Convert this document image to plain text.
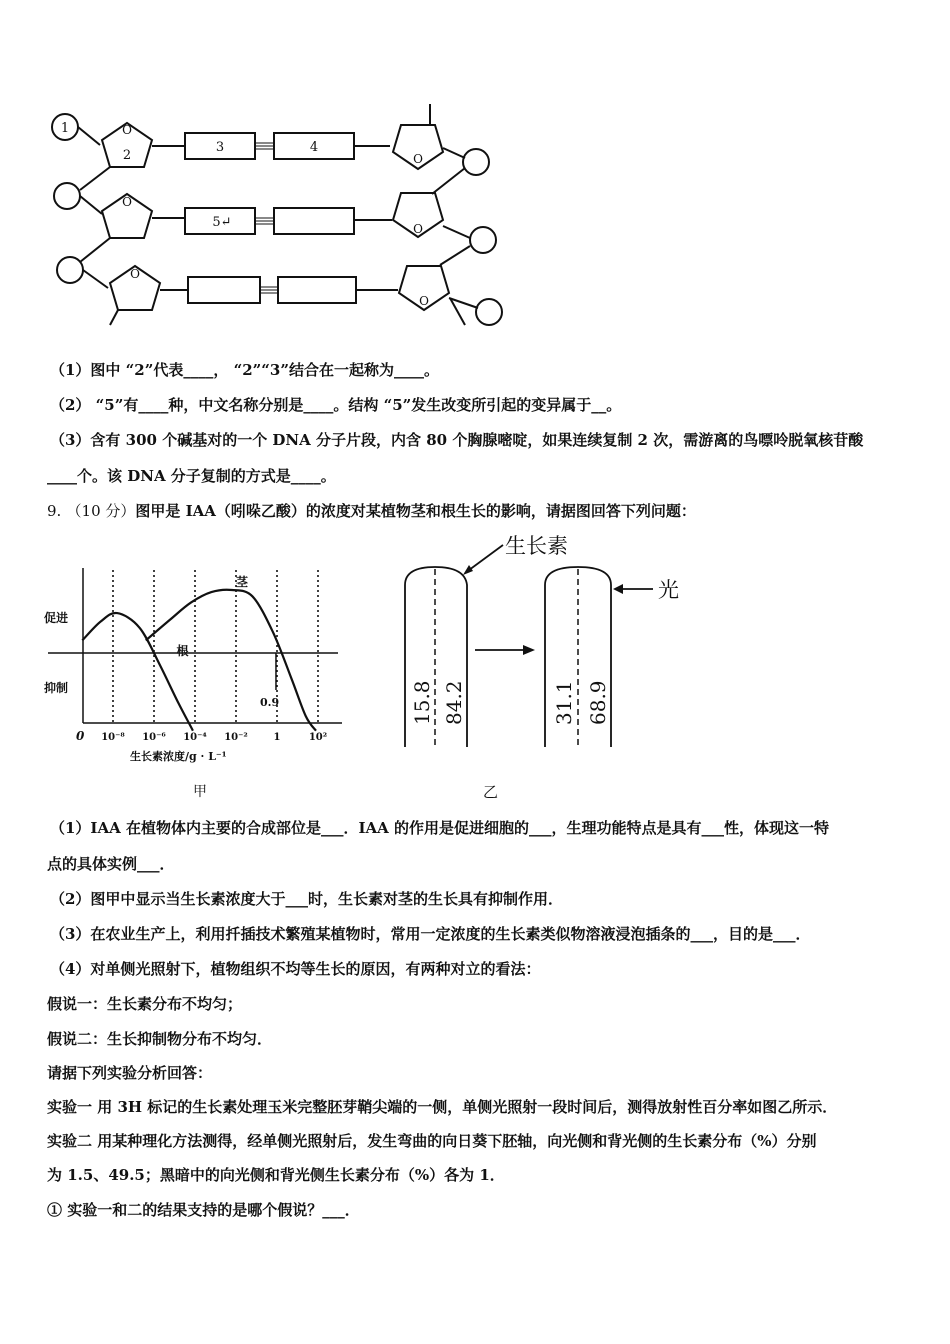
1
2
3	4
5↵
O
O
O
O
O
O
（1）图中 “2”代表____， “2”“3”结合在一起称为____。
（2） “5”有____种，中文名称分别是____。结构 “5”发生改变所引起的变异属于__。
（3）含有 300 个碱基对的一个 DNA 分子片段，内含 80 个胸腺嘧啶，如果连续复制 2 次，需游离的鸟嘌呤脱氧核苷酸
____个。该 DNA 分子复制的方式是____。
9. （10 分）图甲是 IAA（吲哚乙酸）的浓度对某植物茎和根生长的影响，请据图回答下列问题：
10⁻⁸ 10⁻⁶ 10⁻⁴ 10⁻²	1	10²
根
茎
0.9
促进
抑制
0
生长素浓度/g · L⁻¹
甲
生长素
光
乙
15.8 84.2	31.1 68.9
（1）IAA 在植物体内主要的合成部位是___．IAA 的作用是促进细胞的___，生理功能特点是具有___性，体现这一特
点的具体实例___．
（2）图甲中显示当生长素浓度大于___时，生长素对茎的生长具有抑制作用．
（3）在农业生产上，利用扦插技术繁殖某植物时，常用一定浓度的生长素类似物溶液浸泡插条的___，目的是___．
（4）对单侧光照射下，植物组织不均等生长的原因，有两种对立的看法：
假说一：生长素分布不均匀；
假说二：生长抑制物分布不均匀．
请据下列实验分析回答：
实验一 用 3H 标记的生长素处理玉米完整胚芽鞘尖端的一侧，单侧光照射一段时间后，测得放射性百分率如图乙所示．
实验二 用某种理化方法测得，经单侧光照射后，发生弯曲的向日葵下胚轴，向光侧和背光侧的生长素分布（%）分别
为 1.5、49.5；黑暗中的向光侧和背光侧生长素分布（%）各为 1．
① 实验一和二的结果支持的是哪个假说？___．
